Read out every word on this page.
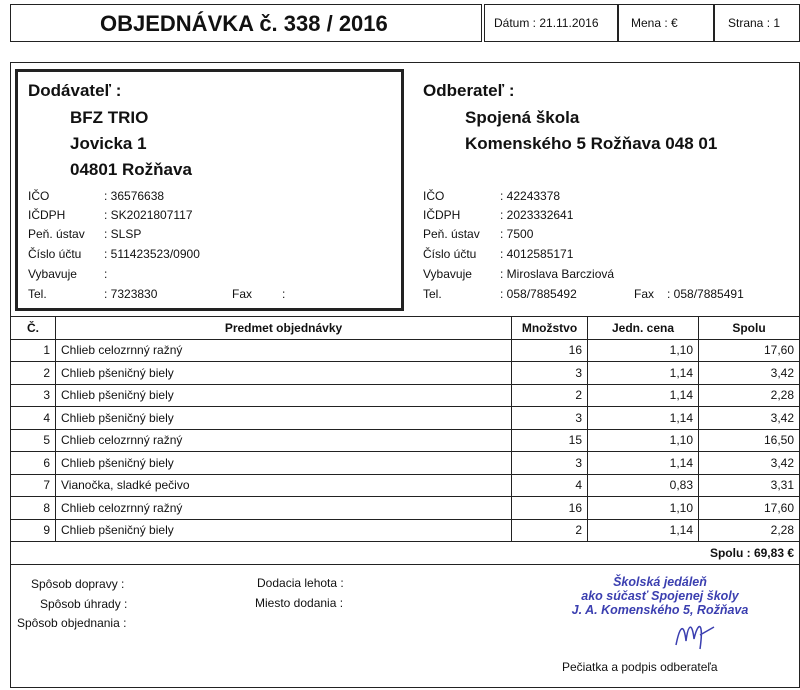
OBJEDNÁVKA č. 338 / 2016	Dátum : 21.11.2016	Mena : €	Strana : 1
Dodávateľ :
BFZ TRIO
Jovicka 1
04801 Rožňava
IČO	: 36576638
IČDPH	: SK2021807117
Peň. ústav : SLSP
Číslo účtu : 511423523/0900
Vybavuje :
Tel.	: 7323830	Fax :
Odberateľ :
Spojená škola
Komenského 5 Rožňava 048 01
IČO	: 42243378
IČDPH	: 2023332641
Peň. ústav : 7500
Číslo účtu : 4012585171
Vybavuje : Miroslava Barcziová
Tel.	: 058/7885492	Fax : 058/7885491
Č.	Predmet objednávky	Množstvo	Jedn. cena	Spolu
1	Chlieb celozrnný ražný	16	1,10	17,60
2	Chlieb pšeničný biely	3	1,14	3,42
3	Chlieb pšeničný biely	2	1,14	2,28
4	Chlieb pšeničný biely	3	1,14	3,42
5	Chlieb celozrnný ražný	15	1,10	16,50
6	Chlieb pšeničný biely	3	1,14	3,42
7	Vianočka, sladké pečivo	4	0,83	3,31
8	Chlieb celozrnný ražný	16	1,10	17,60
9	Chlieb pšeničný biely	2	1,14	2,28
Spolu : 69,83 €				
Spôsob dopravy :
Spôsob úhrady :
Spôsob objednania :
Dodacia lehota :
Miesto dodania :
Školská jedáleň
ako súčasť Spojenej školy
J. A. Komenského 5, Rožňava
Pečiatka a podpis odberateľa
